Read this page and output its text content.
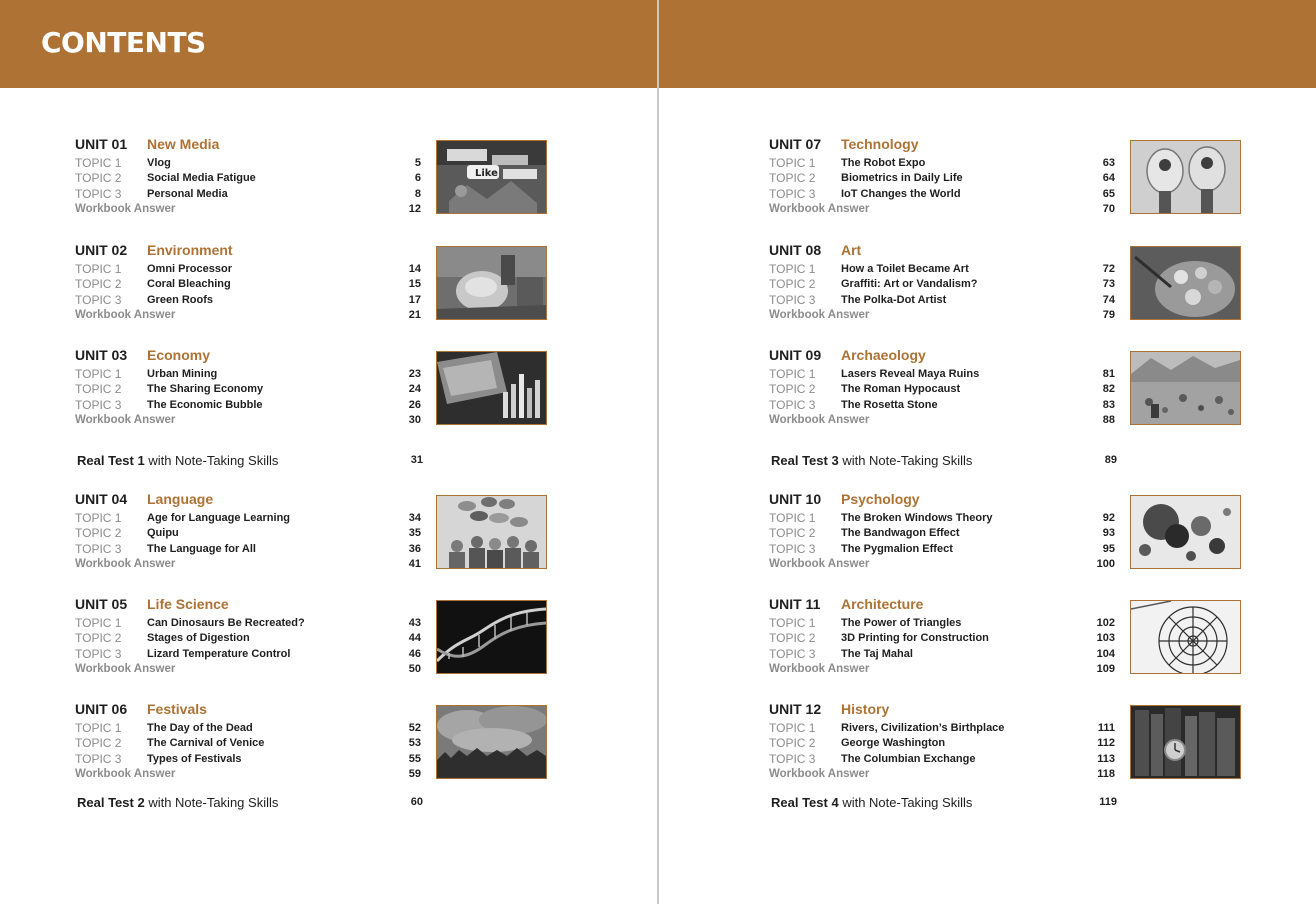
CONTENTS
UNIT 01 New Media
TOPIC 1 Vlog	5
TOPIC 2 Social Media Fatigue	6
TOPIC 3 Personal Media	8
Workbook Answer	12
Like
UNIT 02 Environment
TOPIC 1 Omni Processor	14
TOPIC 2 Coral Bleaching	15
TOPIC 3 Green Roofs	17
Workbook Answer	21
UNIT 03 Economy
TOPIC 1 Urban Mining	23
TOPIC 2 The Sharing Economy	24
TOPIC 3 The Economic Bubble	26
Workbook Answer	30
Real Test 1 with Note-Taking Skills	31
UNIT 04 Language
TOPIC 1 Age for Language Learning	34
TOPIC 2 Quipu	35
TOPIC 3 The Language for All	36
Workbook Answer	41
UNIT 05 Life Science
TOPIC 1 Can Dinosaurs Be Recreated?	43
TOPIC 2 Stages of Digestion	44
TOPIC 3 Lizard Temperature Control	46
Workbook Answer	50
UNIT 06 Festivals
TOPIC 1 The Day of the Dead	52
TOPIC 2 The Carnival of Venice	53
TOPIC 3 Types of Festivals	55
Workbook Answer	59
Real Test 2 with Note-Taking Skills	60
UNIT 07 Technology
TOPIC 1 The Robot Expo	63
TOPIC 2 Biometrics in Daily Life	64
TOPIC 3 IoT Changes the World	65
Workbook Answer	70
UNIT 08 Art
TOPIC 1 How a Toilet Became Art	72
TOPIC 2 Graffiti: Art or Vandalism?	73
TOPIC 3 The Polka-Dot Artist	74
Workbook Answer	79
UNIT 09 Archaeology
TOPIC 1 Lasers Reveal Maya Ruins	81
TOPIC 2 The Roman Hypocaust	82
TOPIC 3 The Rosetta Stone	83
Workbook Answer	88
Real Test 3 with Note-Taking Skills	89
UNIT 10 Psychology
TOPIC 1 The Broken Windows Theory	92
TOPIC 2 The Bandwagon Effect	93
TOPIC 3 The Pygmalion Effect	95
Workbook Answer	100
UNIT 11 Architecture
TOPIC 1 The Power of Triangles	102
TOPIC 2 3D Printing for Construction	103
TOPIC 3 The Taj Mahal	104
Workbook Answer	109
UNIT 12 History
TOPIC 1 Rivers, Civilization’s Birthplace	111
TOPIC 2 George Washington	112
TOPIC 3 The Columbian Exchange	113
Workbook Answer	118
Real Test 4 with Note-Taking Skills	119
